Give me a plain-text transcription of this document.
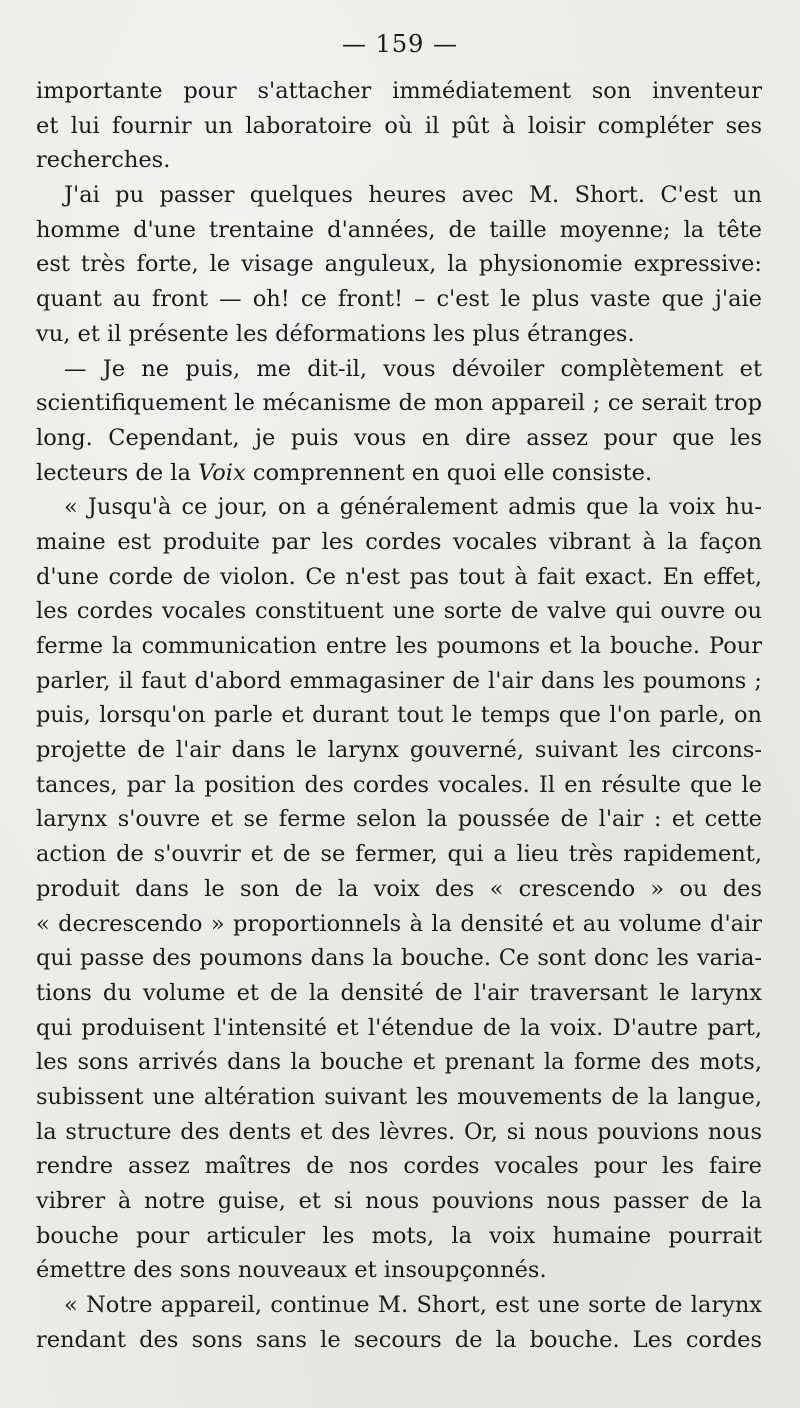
— 159 —
importante pour s'attacher immédiatement son inventeur
et lui fournir un laboratoire où il pût à loisir compléter ses
recherches.
J'ai pu passer quelques heures avec M. Short. C'est un
homme d'une trentaine d'années, de taille moyenne; la tête
est très forte, le visage anguleux, la physionomie expressive:
quant au front — oh! ce front! – c'est le plus vaste que j'aie
vu, et il présente les déformations les plus étranges.
— Je ne puis, me dit-il, vous dévoiler complètement et
scientifiquement le mécanisme de mon appareil ; ce serait trop
long. Cependant, je puis vous en dire assez pour que les
lecteurs de la Voix comprennent en quoi elle consiste.
« Jusqu'à ce jour, on a généralement admis que la voix hu-
maine est produite par les cordes vocales vibrant à la façon
d'une corde de violon. Ce n'est pas tout à fait exact. En effet,
les cordes vocales constituent une sorte de valve qui ouvre ou
ferme la communication entre les poumons et la bouche. Pour
parler, il faut d'abord emmagasiner de l'air dans les poumons ;
puis, lorsqu'on parle et durant tout le temps que l'on parle, on
projette de l'air dans le larynx gouverné, suivant les circons-
tances, par la position des cordes vocales. Il en résulte que le
larynx s'ouvre et se ferme selon la poussée de l'air : et cette
action de s'ouvrir et de se fermer, qui a lieu très rapidement,
produit dans le son de la voix des « crescendo » ou des
« decrescendo » proportionnels à la densité et au volume d'air
qui passe des poumons dans la bouche. Ce sont donc les varia-
tions du volume et de la densité de l'air traversant le larynx
qui produisent l'intensité et l'étendue de la voix. D'autre part,
les sons arrivés dans la bouche et prenant la forme des mots,
subissent une altération suivant les mouvements de la langue,
la structure des dents et des lèvres. Or, si nous pouvions nous
rendre assez maîtres de nos cordes vocales pour les faire
vibrer à notre guise, et si nous pouvions nous passer de la
bouche pour articuler les mots, la voix humaine pourrait
émettre des sons nouveaux et insoupçonnés.
« Notre appareil, continue M. Short, est une sorte de larynx
rendant des sons sans le secours de la bouche. Les cordes
